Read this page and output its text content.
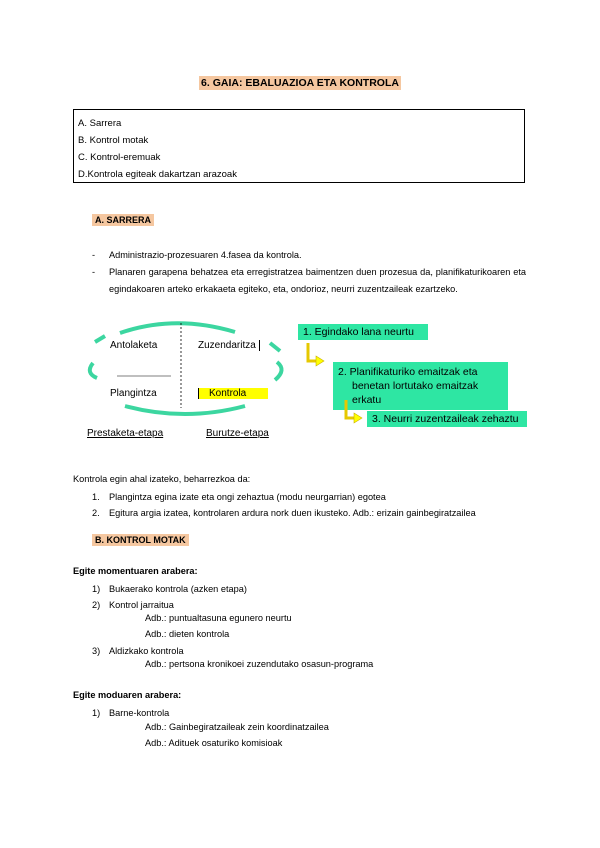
6. GAIA: EBALUAZIOA ETA KONTROLA
A. Sarrera
B. Kontrol motak
C. Kontrol-eremuak
D.Kontrola egiteak dakartzan arazoak
A. SARRERA
- Administrazio-prozesuaren 4.fasea da kontrola.
- Planaren garapena behatzea eta erregistratzea baimentzen duen prozesua da, planifikaturikoaren eta egindakoaren arteko erkakaeta egiteko, eta, ondorioz, neurri zuzentzaileak ezartzeko.
Antolaketa	Zuzendaritza
Plangintza	Kontrola
Prestaketa-etapa	Burutze-etapa
1. Egindako lana neurtu
2. Planifikaturiko emaitzak eta
benetan lortutako emaitzak
erkatu
3. Neurri zuzentzaileak zehaztu
Kontrola egin ahal izateko, beharrezkoa da:
1. Plangintza egina izate eta ongi zehaztua (modu neurgarrian) egotea
2. Egitura argia izatea, kontrolaren ardura nork duen ikusteko. Adb.: erizain gainbegiratzailea
B. KONTROL MOTAK
Egite momentuaren arabera:
1) Bukaerako kontrola (azken etapa)
2) Kontrol jarraitua
Adb.: puntualtasuna egunero neurtu
Adb.: dieten kontrola
3) Aldizkako kontrola
Adb.: pertsona kronikoei zuzendutako osasun-programa
Egite moduaren arabera:
1) Barne-kontrola
Adb.: Gainbegiratzaileak zein koordinatzailea
Adb.: Adituek osaturiko komisioak
